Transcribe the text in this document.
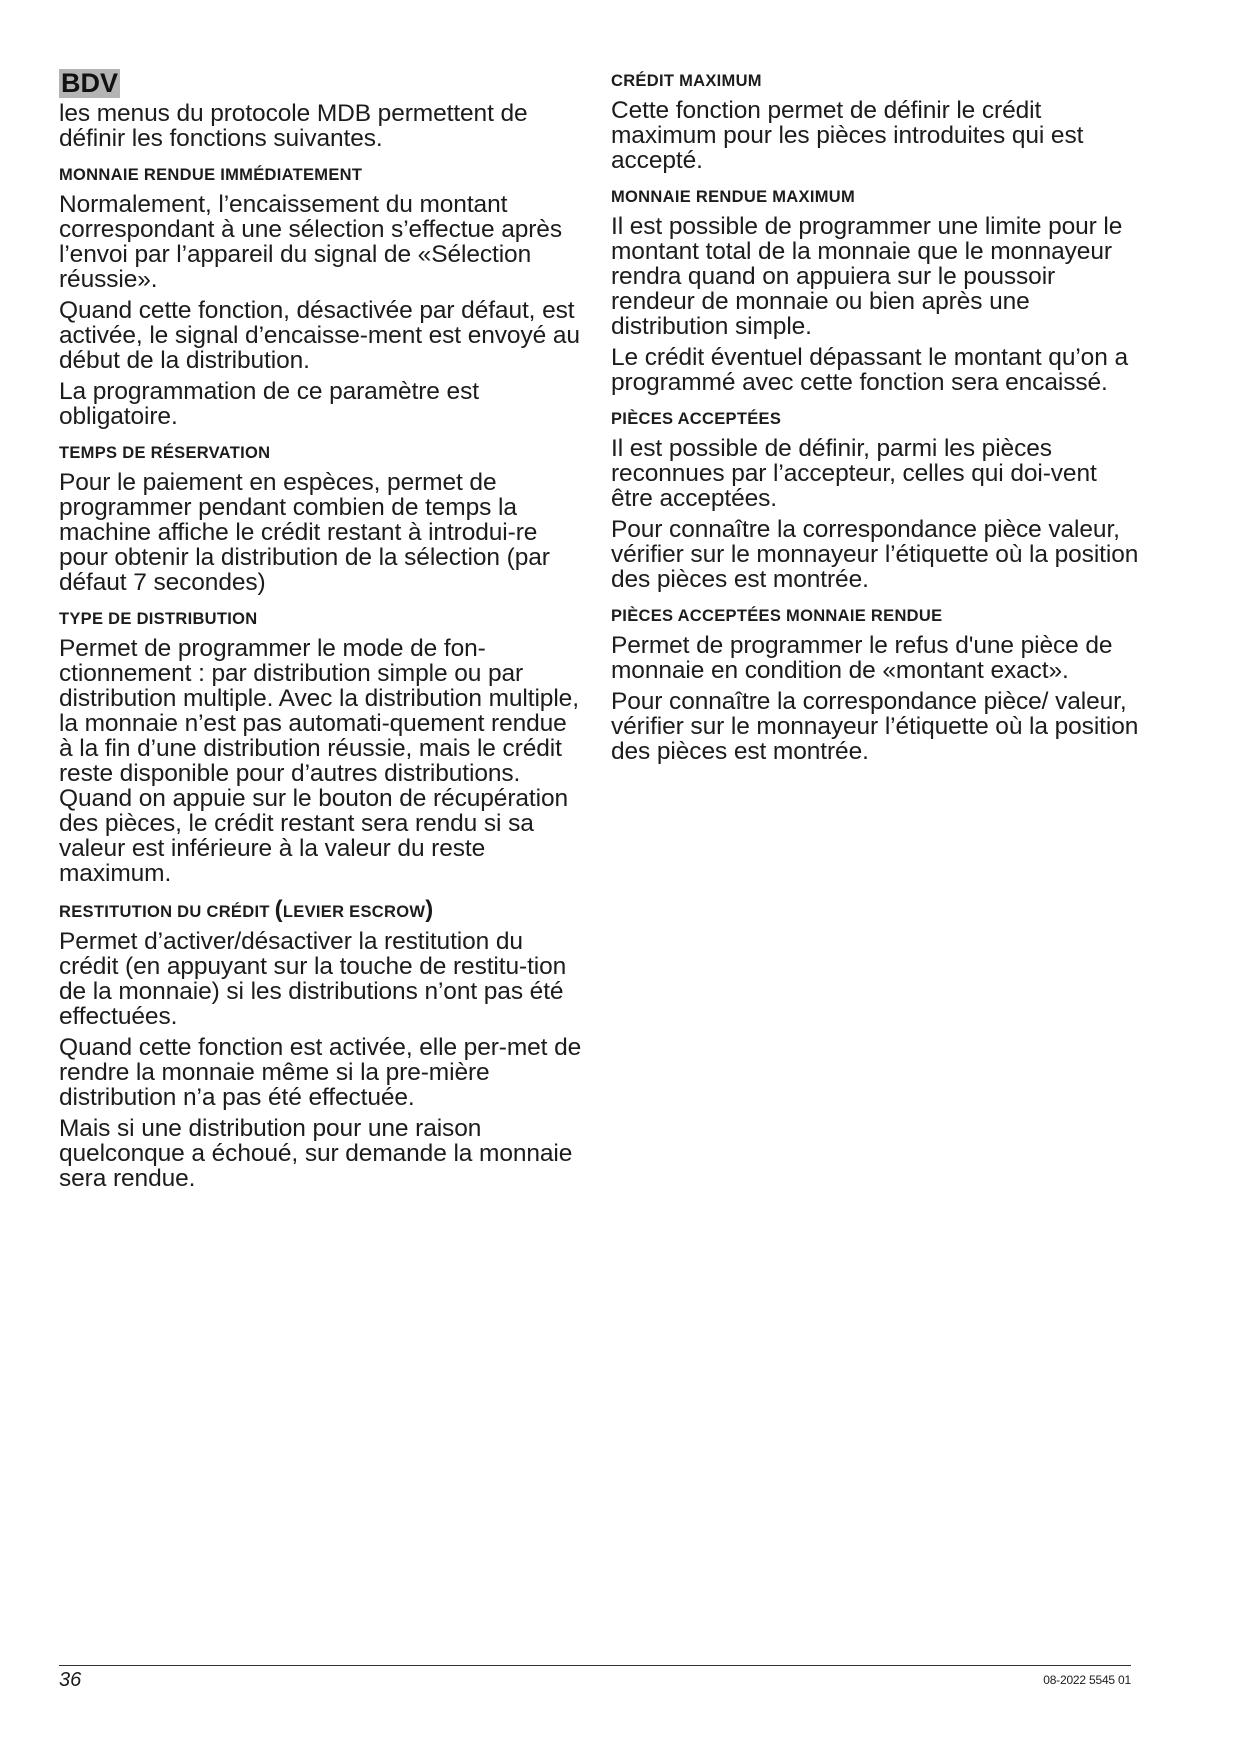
BDV

les menus du protocole MDB permettent de définir les fonctions suivantes.

MONNAIE RENDUE IMMÉDIATEMENT

Normalement, l’encaissement du montant correspondant à une sélection s’effectue après l’envoi par l’appareil du signal de «Sélection réussie».

Quand cette fonction, désactivée par défaut, est activée, le signal d’encaisse-ment est envoyé au début de la distribution.

La programmation de ce paramètre est obligatoire.

TEMPS DE RÉSERVATION

Pour le paiement en espèces, permet de programmer pendant combien de temps la machine affiche le crédit restant à introdui-re pour obtenir la distribution de la sélection (par défaut 7 secondes)

TYPE DE DISTRIBUTION

Permet de programmer le mode de fon-ctionnement : par distribution simple ou par distribution multiple. Avec la distribution multiple, la monnaie n’est pas automati-quement rendue à la fin d’une distribution réussie, mais le crédit reste disponible pour d’autres distributions. Quand on appuie sur le bouton de récupération des pièces, le crédit restant sera rendu si sa valeur est inférieure à la valeur du reste maximum.

RESTITUTION DU CRÉDIT (LEVIER ESCROW)

Permet d’activer/désactiver la restitution du crédit (en appuyant sur la touche de restitu-tion de la monnaie) si les distributions n’ont pas été effectuées.

Quand cette fonction est activée, elle per-met de rendre la monnaie même si la pre-mière distribution n’a pas été effectuée.

Mais si une distribution pour une raison quelconque a échoué, sur demande la monnaie sera rendue.

CRÉDIT MAXIMUM

Cette fonction permet de définir le crédit maximum pour les pièces introduites qui est accepté.

MONNAIE RENDUE MAXIMUM

Il est possible de programmer une limite pour le montant total de la monnaie que le monnayeur rendra quand on appuiera sur le poussoir rendeur de monnaie ou bien après une distribution simple.

Le crédit éventuel dépassant le montant qu’on a programmé avec cette fonction sera encaissé.

PIÈCES ACCEPTÉES

Il est possible de définir, parmi les pièces reconnues par l’accepteur, celles qui doi-vent être acceptées.

Pour connaître la correspondance pièce valeur, vérifier sur le monnayeur l’étiquette où la position des pièces est montrée.

PIÈCES ACCEPTÉES MONNAIE RENDUE

Permet de programmer le refus d'une pièce de monnaie en condition de «montant exact».

Pour connaître la correspondance pièce/ valeur, vérifier sur le monnayeur l’étiquette où la position des pièces est montrée.

36	08-2022 5545 01
